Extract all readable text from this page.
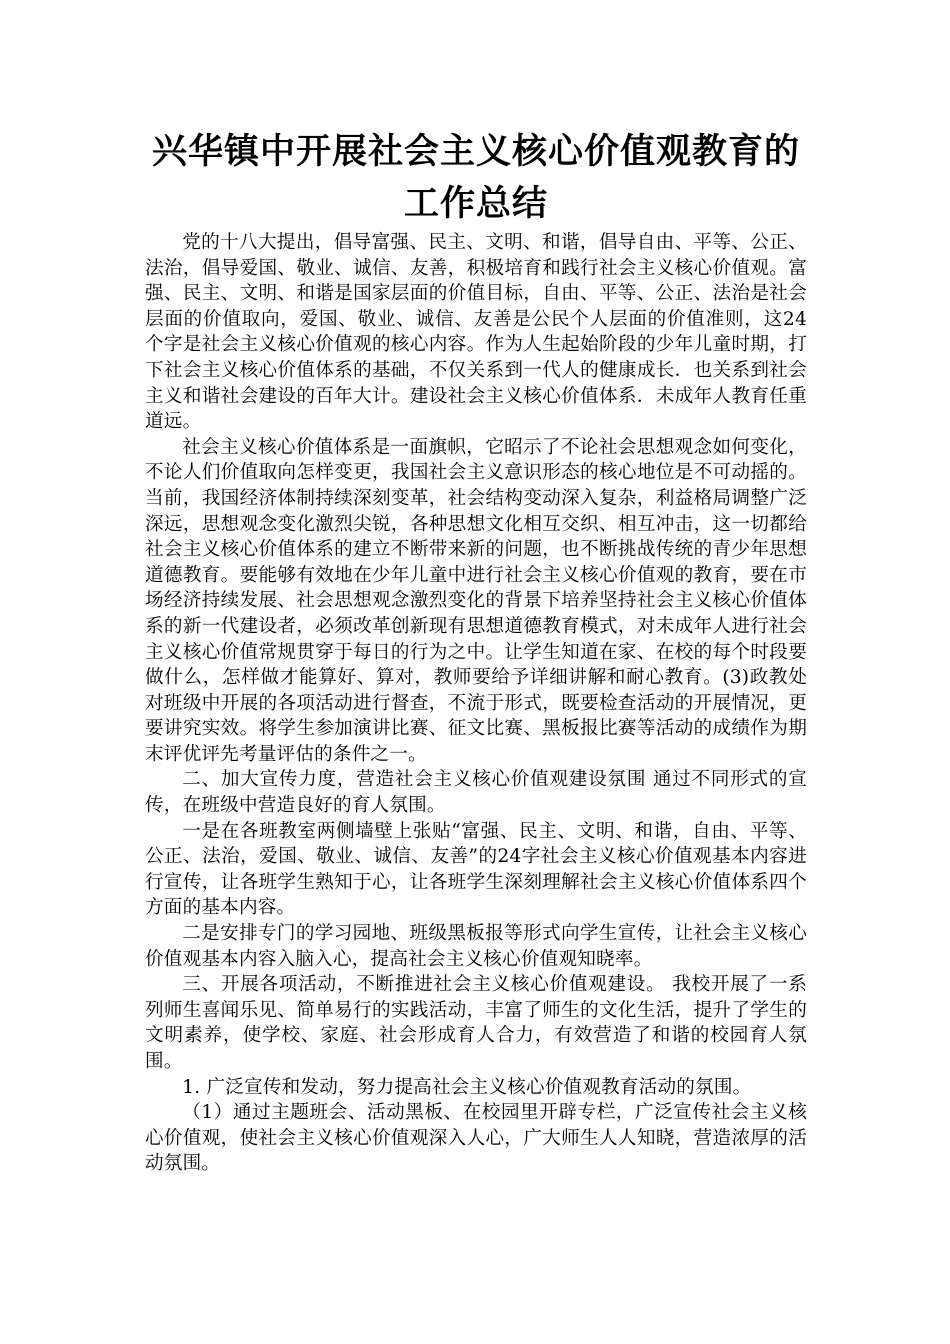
兴华镇中开展社会主义核心价值观教育的
工作总结

党的十八大提出，倡导富强、民主、文明、和谐，倡导自由、平等、公正、法治，倡导爱国、敬业、诚信、友善，积极培育和践行社会主义核心价值观。富强、民主、文明、和谐是国家层面的价值目标，自由、平等、公正、法治是社会层面的价值取向，爱国、敬业、诚信、友善是公民个人层面的价值准则，这24个字是社会主义核心价值观的核心内容。作为人生起始阶段的少年儿童时期，打下社会主义核心价值体系的基础，不仅关系到一代人的健康成长．也关系到社会主义和谐社会建设的百年大计。建设社会主义核心价值体系．未成年人教育任重道远。

社会主义核心价值体系是一面旗帜，它昭示了不论社会思想观念如何变化，不论人们价值取向怎样变更，我国社会主义意识形态的核心地位是不可动摇的。当前，我国经济体制持续深刻变革，社会结构变动深入复杂，利益格局调整广泛深远，思想观念变化激烈尖锐，各种思想文化相互交织、相互冲击，这一切都给社会主义核心价值体系的建立不断带来新的问题，也不断挑战传统的青少年思想道德教育。要能够有效地在少年儿童中进行社会主义核心价值观的教育，要在市场经济持续发展、社会思想观念激烈变化的背景下培养坚持社会主义核心价值体系的新一代建设者，必须改革创新现有思想道德教育模式，对未成年人进行社会主义核心价值常规贯穿于每日的行为之中。让学生知道在家、在校的每个时段要做什么，怎样做才能算好、算对，教师要给予详细讲解和耐心教育。(3)政教处对班级中开展的各项活动进行督查，不流于形式，既要检查活动的开展情况，更要讲究实效。将学生参加演讲比赛、征文比赛、黑板报比赛等活动的成绩作为期末评优评先考量评估的条件之一。

二、加大宣传力度，营造社会主义核心价值观建设氛围 通过不同形式的宣传，在班级中营造良好的育人氛围。

一是在各班教室两侧墙壁上张贴“富强、民主、文明、和谐，自由、平等、公正、法治，爱国、敬业、诚信、友善”的24字社会主义核心价值观基本内容进行宣传，让各班学生熟知于心，让各班学生深刻理解社会主义核心价值体系四个方面的基本内容。

二是安排专门的学习园地、班级黑板报等形式向学生宣传，让社会主义核心价值观基本内容入脑入心，提高社会主义核心价值观知晓率。

三、开展各项活动，不断推进社会主义核心价值观建设。 我校开展了一系列师生喜闻乐见、简单易行的实践活动，丰富了师生的文化生活，提升了学生的文明素养，使学校、家庭、社会形成育人合力，有效营造了和谐的校园育人氛围。

1. 广泛宣传和发动，努力提高社会主义核心价值观教育活动的氛围。

（1）通过主题班会、活动黑板、在校园里开辟专栏，广泛宣传社会主义核心价值观，使社会主义核心价值观深入人心，广大师生人人知晓，营造浓厚的活动氛围。
